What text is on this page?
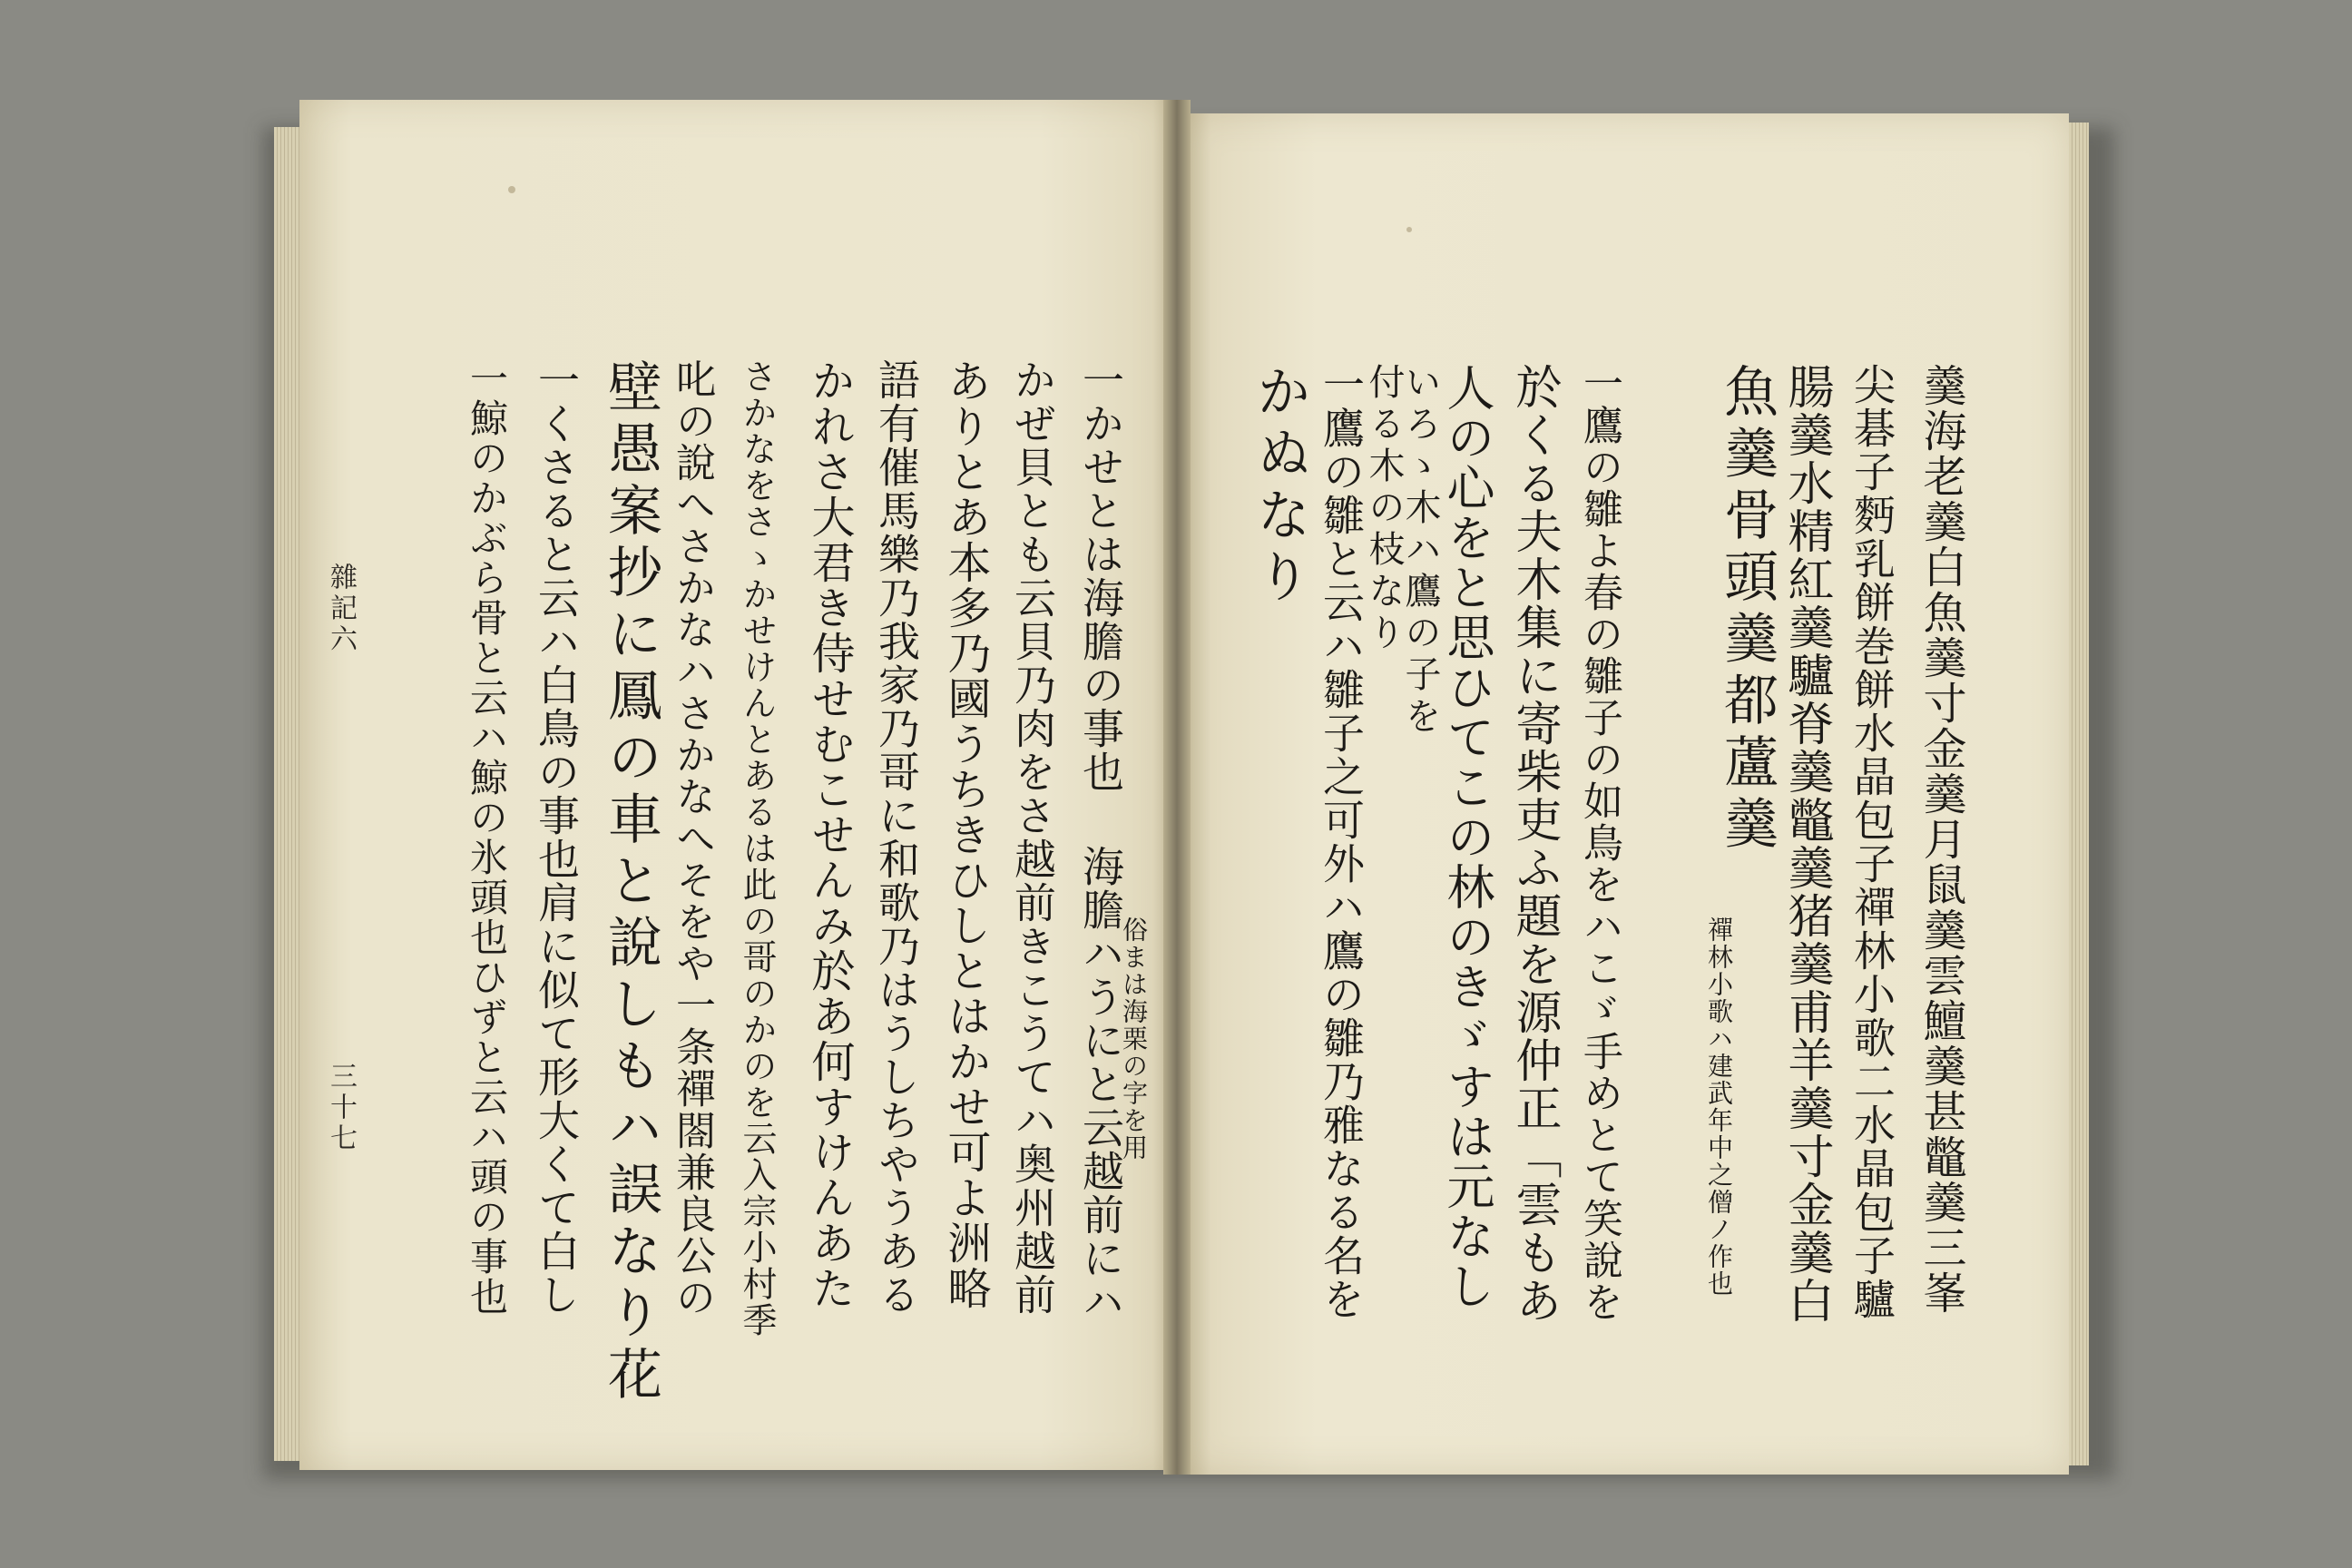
羹海老羹白魚羹寸金羹月鼠羹雲鱣羹甚鼈羹三峯
尖碁子麪乳餅巻餅水晶包子禪林小歌二水晶包子驢
腸羹水精紅羹驢脊羹鼈羹猪羹甫羊羹寸金羹白
魚羹骨頭羹都蘆羹
禪林小歌ハ建武年中之僧ノ作也
一鷹の雛よ春の雛子の如鳥をハこゞ手めとて笑說を
於くる夫木集に寄柴吏ふ題を源仲正「雲もあ
人の心をと思ひてこの林のきゞすは元なし
いろゝ木ハ鷹の子を
付る木の枝なり
一鷹の雛と云ハ雛子之可外ハ鷹の雛乃雅なる名を
かぬなり
一かせとは海膽の事也 海膽ハうにと云越前にハ
俗まは海栗の字を用
かぜ貝とも云貝乃肉をさ越前きこうてハ奥州越前
ありとあ本多乃國うちきひしとはかせ可よ洲略
語有催馬樂乃我家乃哥に和歌乃はうしちやうある
かれさ大君き侍せむこせんみ於あ何すけんあた
さかなをさゝかせけんとあるは此の哥のかのを云入宗小村季
叱の說へさかなハさかなへそをや一条禪閤兼良公の
壁愚案抄に鳳の車と說しもハ誤なり花
一くさると云ハ白鳥の事也肩に似て形大くて白し
一鯨のかぶら骨と云ハ鯨の氷頭也ひずと云ハ頭の事也
雜記六
三十七
